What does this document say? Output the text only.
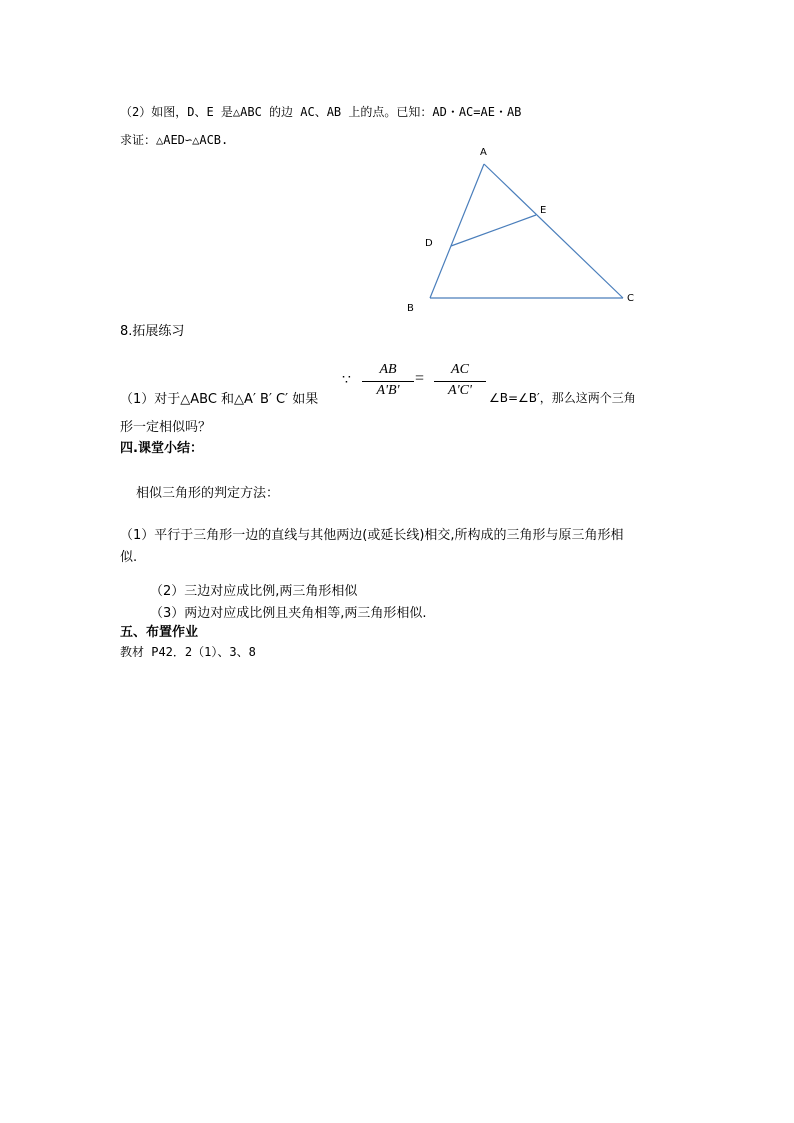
（2）如图，D、E 是△ABC 的边 AC、AB 上的点。已知：AD・AC=AE・AB
求证：△AED∽△ACB.
A
E
D
B
C
8.拓展练习
（1）对于△ABC 和△A′ B′ C′ 如果
∵
AB
A'B'
=
AC
A'C'	∠B=∠B′，那么这两个三角
形一定相似吗？
四.课堂小结：
相似三角形的判定方法：
（1）平行于三角形一边的直线与其他两边(或延长线)相交,所构成的三角形与原三角形相
似.
（2）三边对应成比例,两三角形相似
（3）两边对应成比例且夹角相等,两三角形相似.
五、布置作业
教材 P42．2（1）、3、8
